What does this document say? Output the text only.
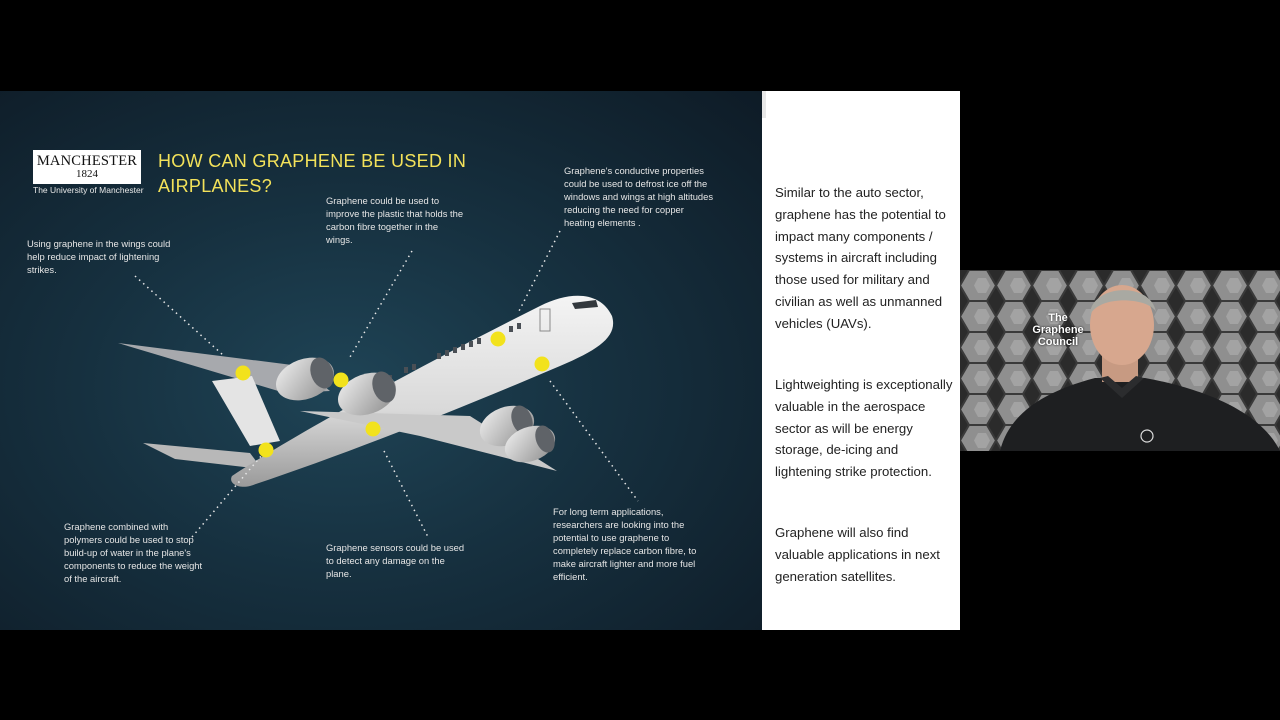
MANCHESTER
1824
The University of Manchester
HOW CAN GRAPHENE BE USED IN AIRPLANES?
Using graphene in the wings could help reduce impact of lightening strikes.
Graphene could be used to improve the plastic that holds the carbon fibre together in the wings.
Graphene's conductive properties could be used to defrost ice off the windows and wings at high altitudes reducing the need for copper heating elements .
Graphene combined with polymers could be used to stop build-up of water in the plane's components to reduce the weight of the aircraft.
Graphene sensors could be used to detect any damage on the plane.
For long term applications, researchers are looking into the potential to use graphene to completely replace carbon fibre, to make aircraft lighter and more fuel efficient.

Similar to the auto sector, graphene has the potential to impact many components / systems in aircraft including those used for military and civilian as well as unmanned vehicles (UAVs).

Lightweighting is exceptionally valuable in the aerospace sector as will be energy storage, de-icing and lightening strike protection.

Graphene will also find valuable applications in next generation satellites.

The Graphene Council
